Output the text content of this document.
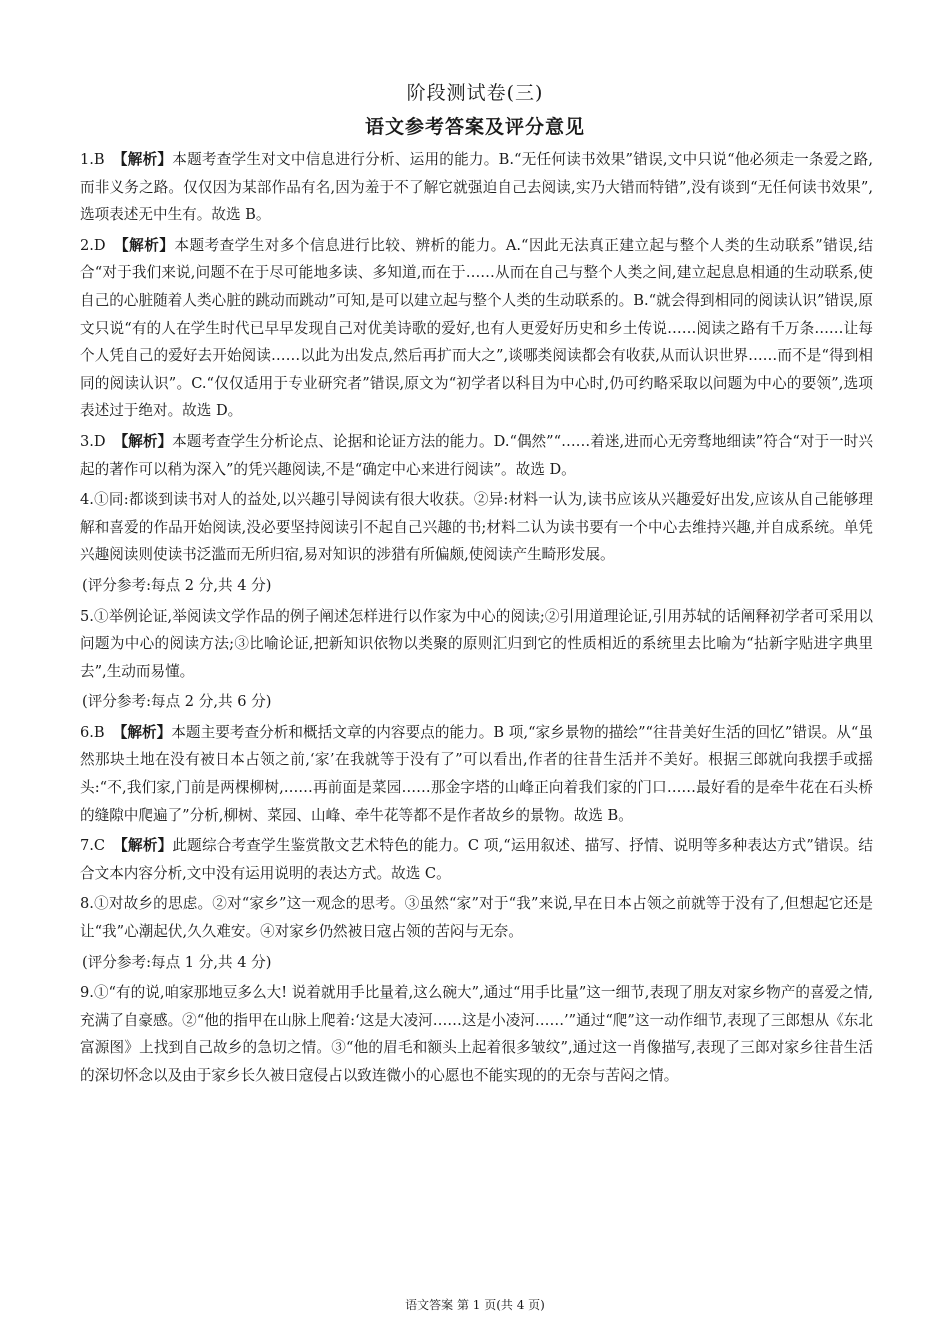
阶段测试卷(三)
语文参考答案及评分意见

1.B 【解析】本题考查学生对文中信息进行分析、运用的能力。B.“无任何读书效果”错误,文中只说“他必须走一条爱之路,而非义务之路。仅仅因为某部作品有名,因为羞于不了解它就强迫自己去阅读,实乃大错而特错”,没有谈到“无任何读书效果”,选项表述无中生有。故选 B。

2.D 【解析】本题考查学生对多个信息进行比较、辨析的能力。A.“因此无法真正建立起与整个人类的生动联系”错误,结合“对于我们来说,问题不在于尽可能地多读、多知道,而在于……从而在自己与整个人类之间,建立起息息相通的生动联系,使自己的心脏随着人类心脏的跳动而跳动”可知,是可以建立起与整个人类的生动联系的。B.“就会得到相同的阅读认识”错误,原文只说“有的人在学生时代已早早发现自己对优美诗歌的爱好,也有人更爱好历史和乡土传说……阅读之路有千万条……让每个人凭自己的爱好去开始阅读……以此为出发点,然后再扩而大之”,谈哪类阅读都会有收获,从而认识世界……而不是“得到相同的阅读认识”。C.“仅仅适用于专业研究者”错误,原文为“初学者以科目为中心时,仍可约略采取以问题为中心的要领”,选项表述过于绝对。故选 D。

3.D 【解析】本题考查学生分析论点、论据和论证方法的能力。D.“偶然”“……着迷,进而心无旁骛地细读”符合“对于一时兴起的著作可以稍为深入”的凭兴趣阅读,不是“确定中心来进行阅读”。故选 D。

4.①同:都谈到读书对人的益处,以兴趣引导阅读有很大收获。②异:材料一认为,读书应该从兴趣爱好出发,应该从自己能够理解和喜爱的作品开始阅读,没必要坚持阅读引不起自己兴趣的书;材料二认为读书要有一个中心去维持兴趣,并自成系统。单凭兴趣阅读则使读书泛滥而无所归宿,易对知识的涉猎有所偏颇,使阅读产生畸形发展。

(评分参考:每点 2 分,共 4 分)

5.①举例论证,举阅读文学作品的例子阐述怎样进行以作家为中心的阅读;②引用道理论证,引用苏轼的话阐释初学者可采用以问题为中心的阅读方法;③比喻论证,把新知识依物以类聚的原则汇归到它的性质相近的系统里去比喻为“拈新字贴进字典里去”,生动而易懂。

(评分参考:每点 2 分,共 6 分)

6.B 【解析】本题主要考查分析和概括文章的内容要点的能力。B 项,“家乡景物的描绘”“往昔美好生活的回忆”错误。从“虽然那块土地在没有被日本占领之前,‘家’在我就等于没有了”可以看出,作者的往昔生活并不美好。根据三郎就向我摆手或摇头:“不,我们家,门前是两棵柳树,……再前面是菜园……那金字塔的山峰正向着我们家的门口……最好看的是牵牛花在石头桥的缝隙中爬遍了”分析,柳树、菜园、山峰、牵牛花等都不是作者故乡的景物。故选 B。

7.C 【解析】此题综合考查学生鉴赏散文艺术特色的能力。C 项,“运用叙述、描写、抒情、说明等多种表达方式”错误。结合文本内容分析,文中没有运用说明的表达方式。故选 C。

8.①对故乡的思虑。②对“家乡”这一观念的思考。③虽然“家”对于“我”来说,早在日本占领之前就等于没有了,但想起它还是让“我”心潮起伏,久久难安。④对家乡仍然被日寇占领的苦闷与无奈。

(评分参考:每点 1 分,共 4 分)

9.①“有的说,咱家那地豆多么大! 说着就用手比量着,这么碗大”,通过“用手比量”这一细节,表现了朋友对家乡物产的喜爱之情,充满了自豪感。②“他的指甲在山脉上爬着:‘这是大凌河……这是小凌河……’”通过“爬”这一动作细节,表现了三郎想从《东北富源图》上找到自己故乡的急切之情。③“他的眉毛和额头上起着很多皱纹”,通过这一肖像描写,表现了三郎对家乡往昔生活的深切怀念以及由于家乡长久被日寇侵占以致连微小的心愿也不能实现的的无奈与苦闷之情。

语文答案 第 1 页(共 4 页)
